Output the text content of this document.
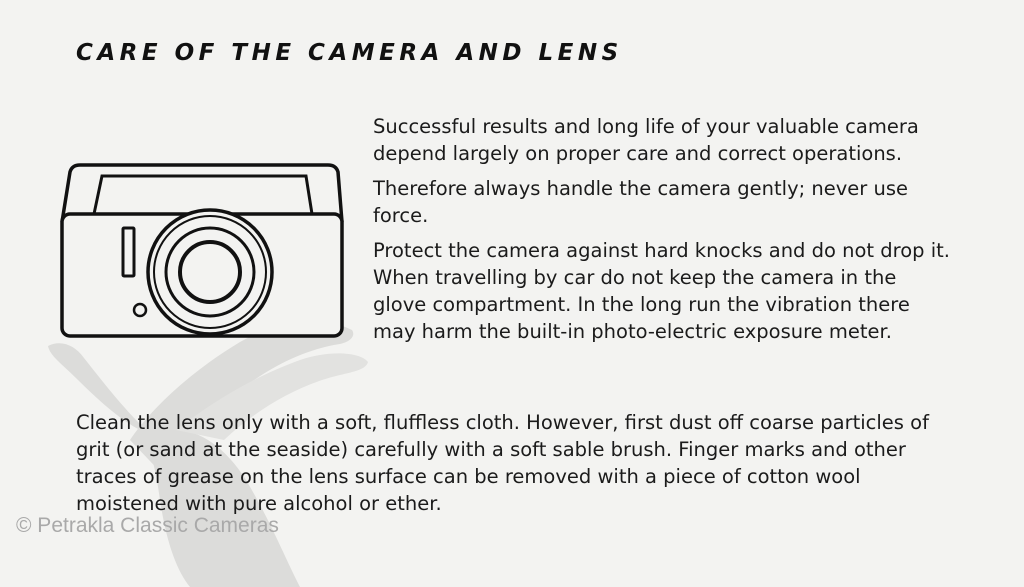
CARE OF THE CAMERA AND LENS

Successful results and long life of your valuable camera depend largely on proper care and correct operations.

Therefore always handle the camera gently; never use force.

Protect the camera against hard knocks and do not drop it. When travelling by car do not keep the camera in the glove compartment. In the long run the vibration there may harm the built-in photo-electric exposure meter.

Clean the lens only with a soft, fluffless cloth. However, first dust off coarse particles of grit (or sand at the seaside) carefully with a soft sable brush. Finger marks and other traces of grease on the lens surface can be removed with a piece of cotton wool moistened with pure alcohol or ether.

© Petrakla Classic Cameras
